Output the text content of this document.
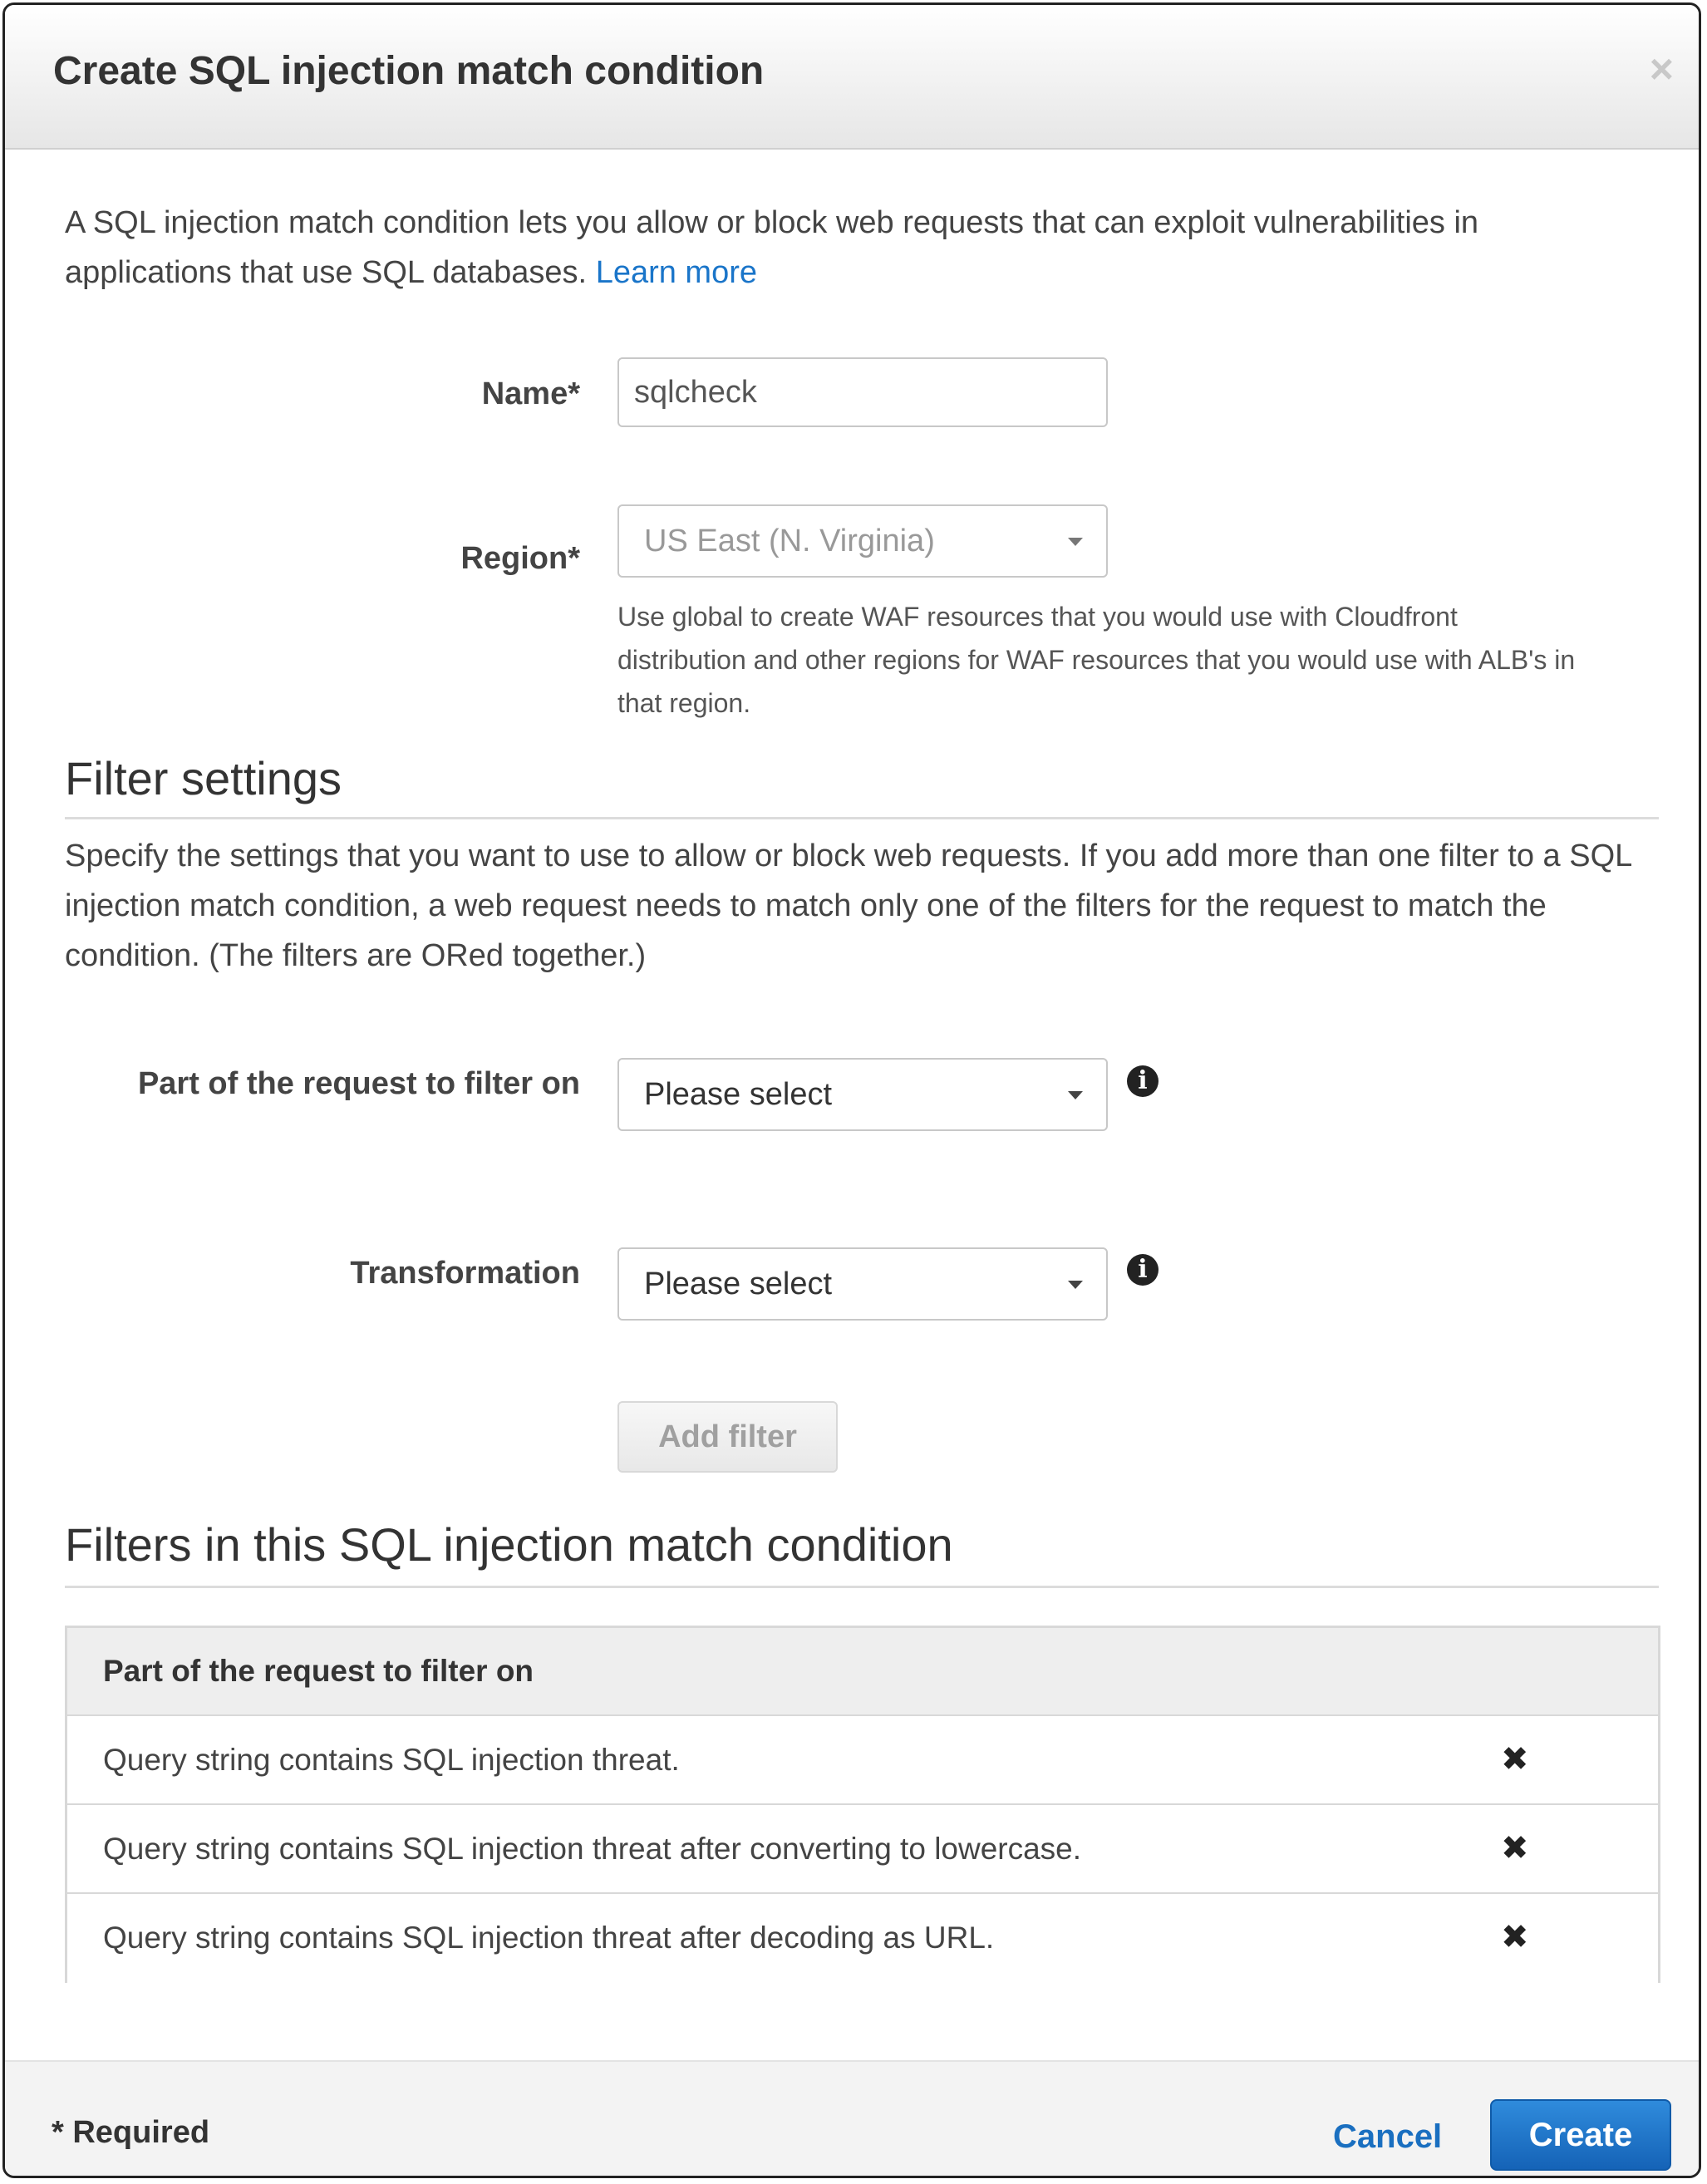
Create SQL injection match condition	×
A SQL injection match condition lets you allow or block web requests that can exploit vulnerabilities in applications that use SQL databases. Learn more
Name*
sqlcheck
Region* US East (N. Virginia)
Use global to create WAF resources that you would use with Cloudfront distribution and other regions for WAF resources that you would use with ALB's in that region.
Filter settings
Specify the settings that you want to use to allow or block web requests. If you add more than one filter to a SQL injection match condition, a web request needs to match only one of the filters for the request to match the condition. (The filters are ORed together.)
Part of the request to filter on Please select	i
Transformation Please select	i
Add filter
Filters in this SQL injection match condition
Part of the request to filter on
Query string contains SQL injection threat.	✖
Query string contains SQL injection threat after converting to lowercase.	✖
Query string contains SQL injection threat after decoding as URL.	✖
* Required	Cancel	Create
